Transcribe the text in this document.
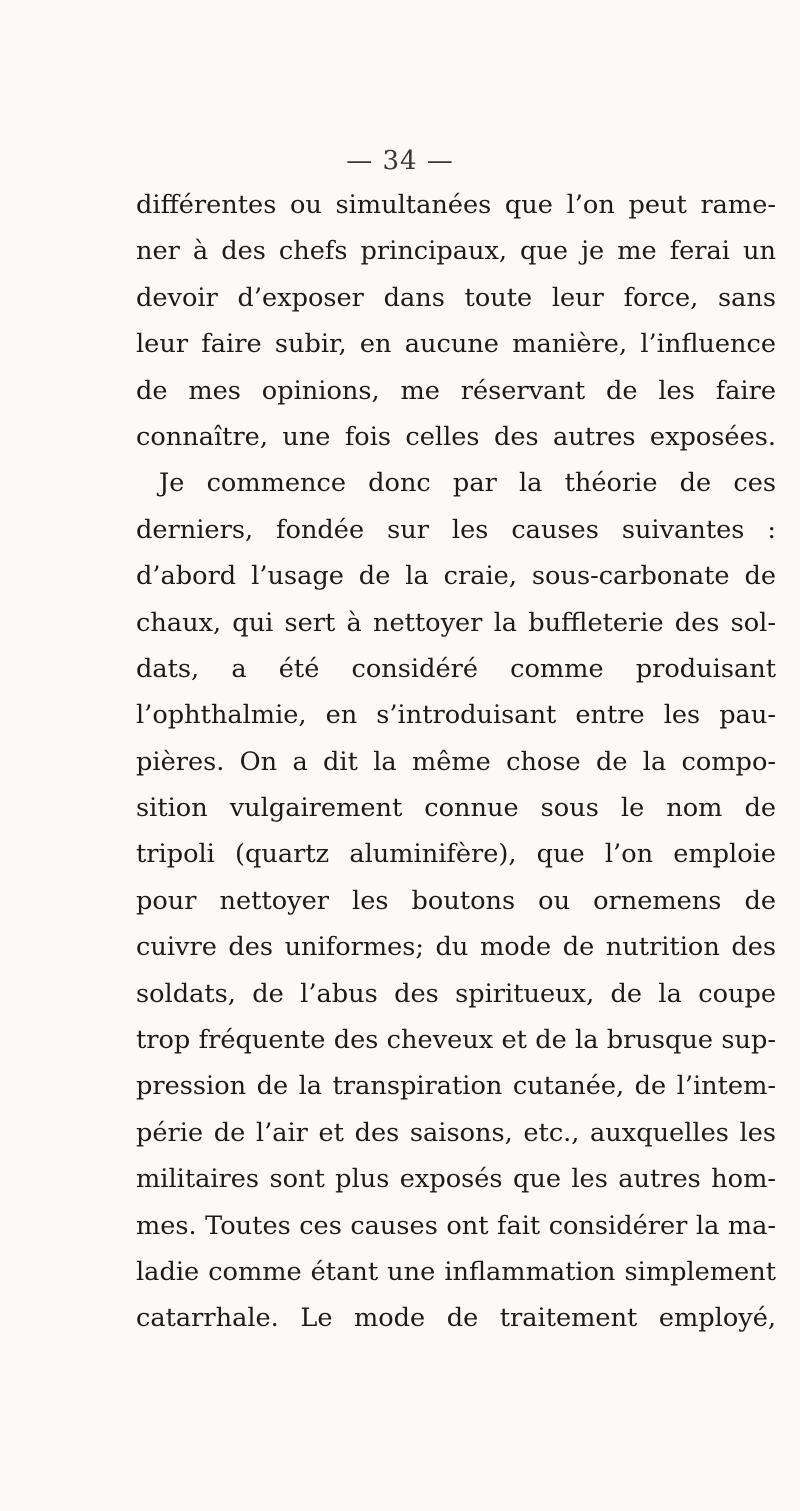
— 34 —
différentes ou simultanées que l’on peut rame-
ner à des chefs principaux, que je me ferai un
devoir d’exposer dans toute leur force, sans
leur faire subir, en aucune manière, l’influence
de mes opinions, me réservant de les faire
connaître, une fois celles des autres exposées.
Je commence donc par la théorie de ces
derniers, fondée sur les causes suivantes :
d’abord l’usage de la craie, sous-carbonate de
chaux, qui sert à nettoyer la buffleterie des sol-
dats, a été considéré comme produisant
l’ophthalmie, en s’introduisant entre les pau-
pières. On a dit la même chose de la compo-
sition vulgairement connue sous le nom de
tripoli (quartz aluminifère), que l’on emploie
pour nettoyer les boutons ou ornemens de
cuivre des uniformes; du mode de nutrition des
soldats, de l’abus des spiritueux, de la coupe
trop fréquente des cheveux et de la brusque sup-
pression de la transpiration cutanée, de l’intem-
périe de l’air et des saisons, etc., auxquelles les
militaires sont plus exposés que les autres hom-
mes. Toutes ces causes ont fait considérer la ma-
ladie comme étant une inflammation simplement
catarrhale. Le mode de traitement employé,
